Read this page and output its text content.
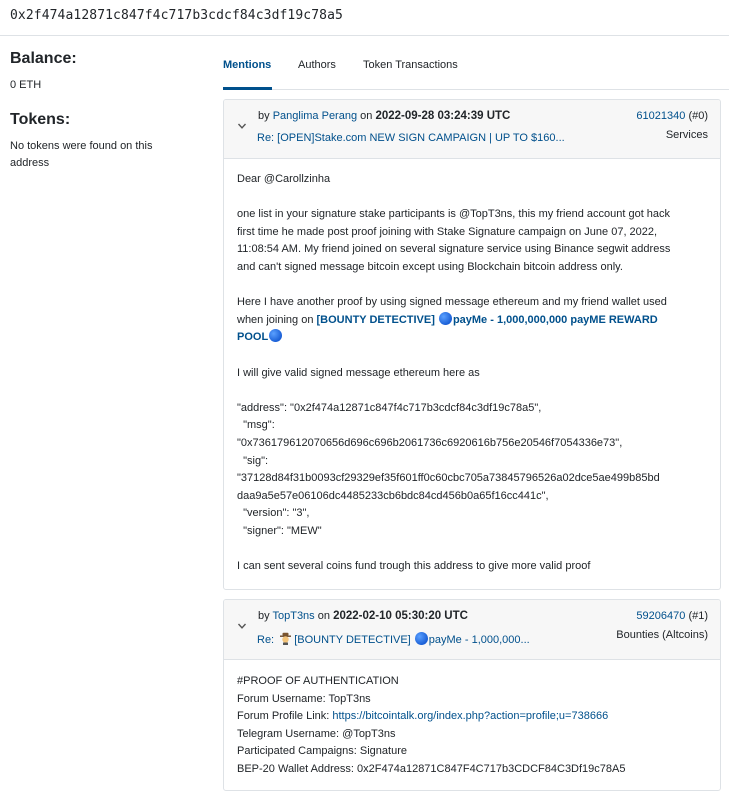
0x2f474a12871c847f4c717b3cdcf84c3df19c78a5
Balance:
0 ETH
Tokens:
No tokens were found on this address
Mentions Authors Token Transactions
by Panglima Perang on 2022-09-28 03:24:39 UTC
Re: [OPEN]Stake.com NEW SIGN CAMPAIGN | UP TO $160...
61021340 (#0)
Services

Dear @Carollzinha

one list in your signature stake participants is @TopT3ns, this my friend account got hack

first time he made post proof joining with Stake Signature campaign on June 07, 2022,

11:08:54 AM. My friend joined on several signature service using Binance segwit address

and can't signed message bitcoin except using Blockchain bitcoin address only.

Here I have another proof by using signed message ethereum and my friend wallet used

when joining on [BOUNTY DETECTIVE] payMe - 1,000,000,000 payME REWARD

POOL

I will give valid signed message ethereum here as

"address": "0x2f474a12871c847f4c717b3cdcf84c3df19c78a5",

"msg":

"0x736179612070656d696c696b2061736c6920616b756e20546f7054336e73",

"sig":

"37128d84f31b0093cf29329ef35f601ff0c60cbc705a73845796526a02dce5ae499b85bd

daa9a5e57e06106dc4485233cb6bdc84cd456b0a65f16cc441c",

"version": "3",

"signer": "MEW"

I can sent several coins fund trough this address to give more valid proof

by TopT3ns on 2022-02-10 05:30:20 UTC
Re: [BOUNTY DETECTIVE] payMe - 1,000,000...
59206470 (#1)
Bounties (Altcoins)

#PROOF OF AUTHENTICATION

Forum Username: TopT3ns

Forum Profile Link: https://bitcointalk.org/index.php?action=profile;u=738666

Telegram Username: @TopT3ns

Participated Campaigns: Signature

BEP-20 Wallet Address: 0x2F474a12871C847F4C717b3CDCF84C3Df19c78A5
